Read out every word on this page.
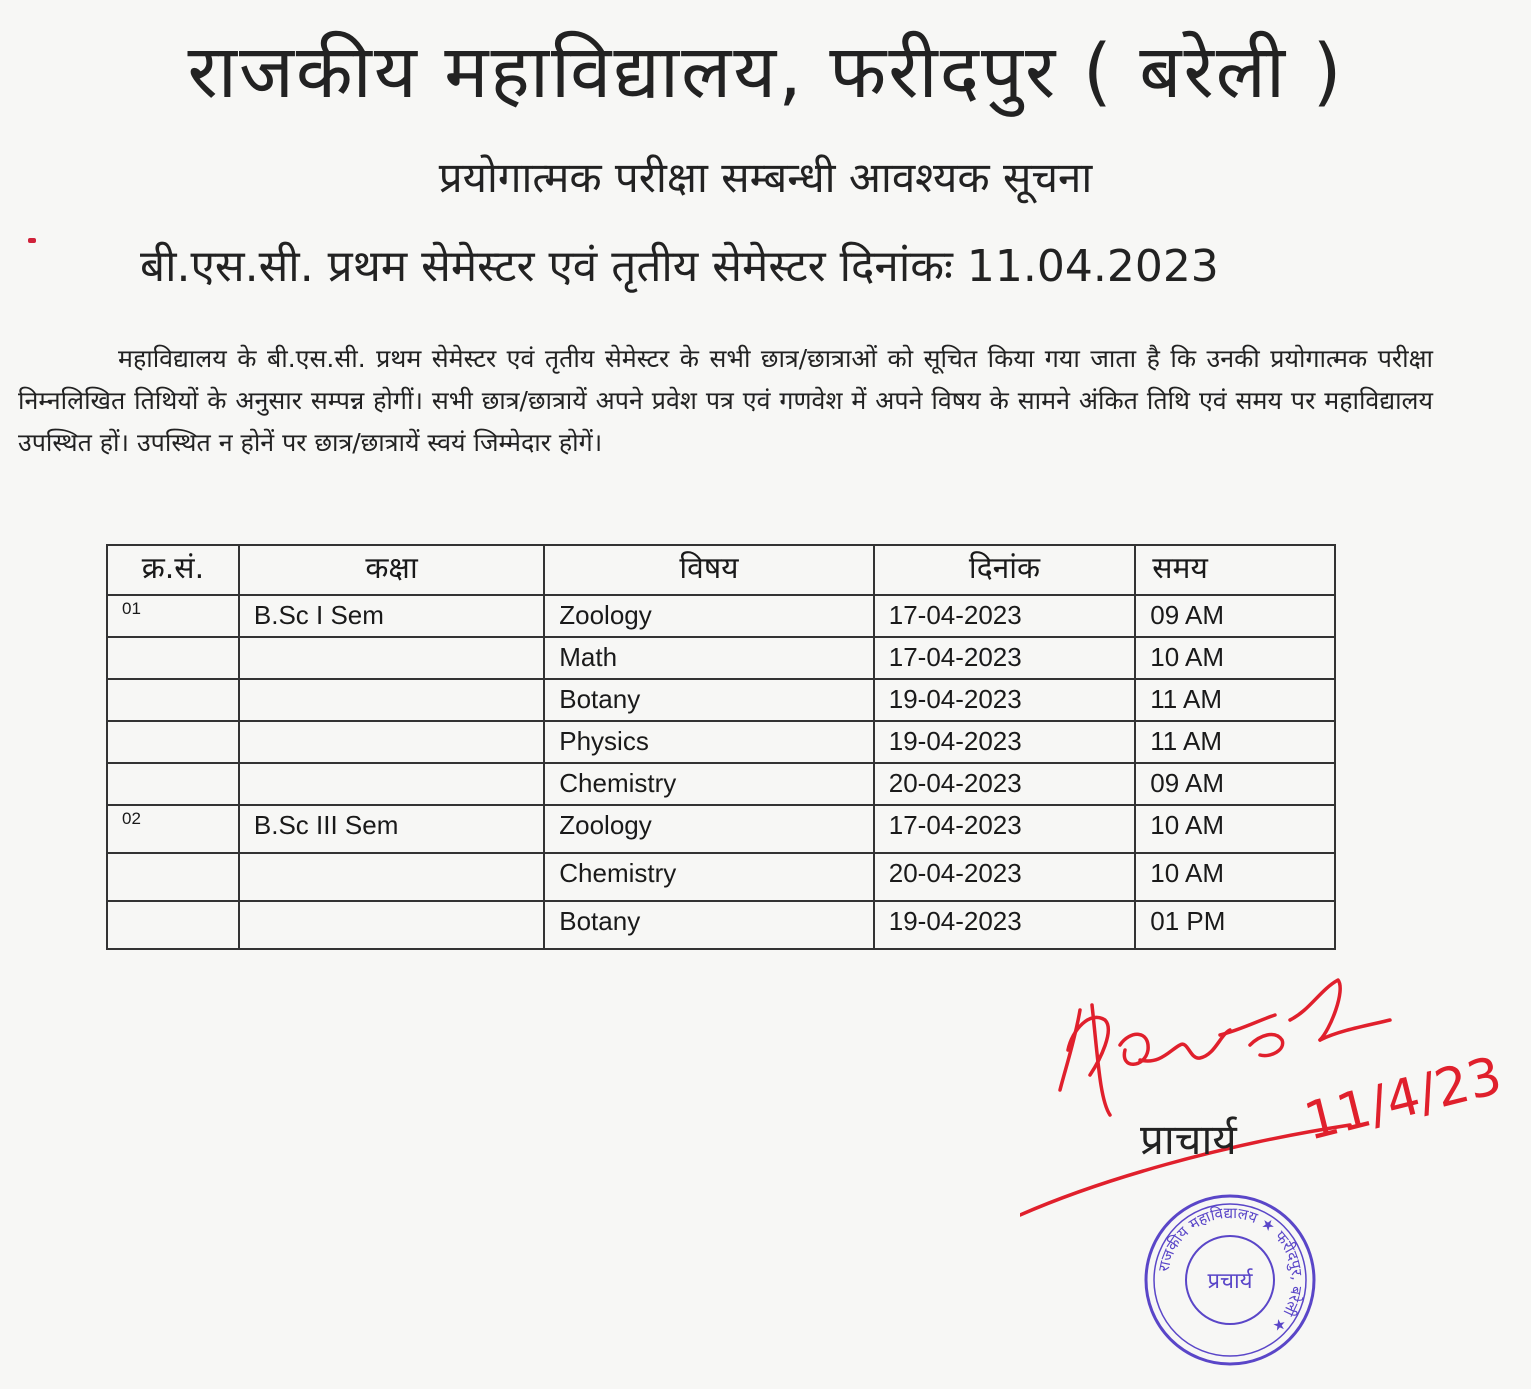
राजकीय महाविद्यालय, फरीदपुर ( बरेली )
प्रयोगात्मक परीक्षा सम्बन्धी आवश्यक सूचना
बी.एस.सी. प्रथम सेमेस्टर एवं तृतीय सेमेस्टर दिनांकः 11.04.2023
महाविद्यालय के बी.एस.सी. प्रथम सेमेस्टर एवं तृतीय सेमेस्टर के सभी छात्र/छात्राओं को सूचित किया गया जाता है कि उनकी प्रयोगात्मक परीक्षा निम्नलिखित तिथियों के अनुसार सम्पन्न होगीं। सभी छात्र/छात्रायें अपने प्रवेश पत्र एवं गणवेश में अपने विषय के सामने अंकित तिथि एवं समय पर महाविद्यालय उपस्थित हों। उपस्थित न होनें पर छात्र/छात्रायें स्वयं जिम्मेदार होगें।
क्र.सं.	कक्षा	विषय	दिनांक	समय
01	B.Sc I Sem	Zoology	17-04-2023	09 AM
		Math	17-04-2023	10 AM
		Botany	19-04-2023	11 AM
		Physics	19-04-2023	11 AM
		Chemistry	20-04-2023	09 AM
02	B.Sc III Sem	Zoology	17-04-2023	10 AM
		Chemistry	20-04-2023	10 AM
		Botany	19-04-2023	01 PM
11/4/23
प्राचार्य
राजकीय महाविद्यालय ★ फरीदपुर, बरेली ★
प्रचार्य
